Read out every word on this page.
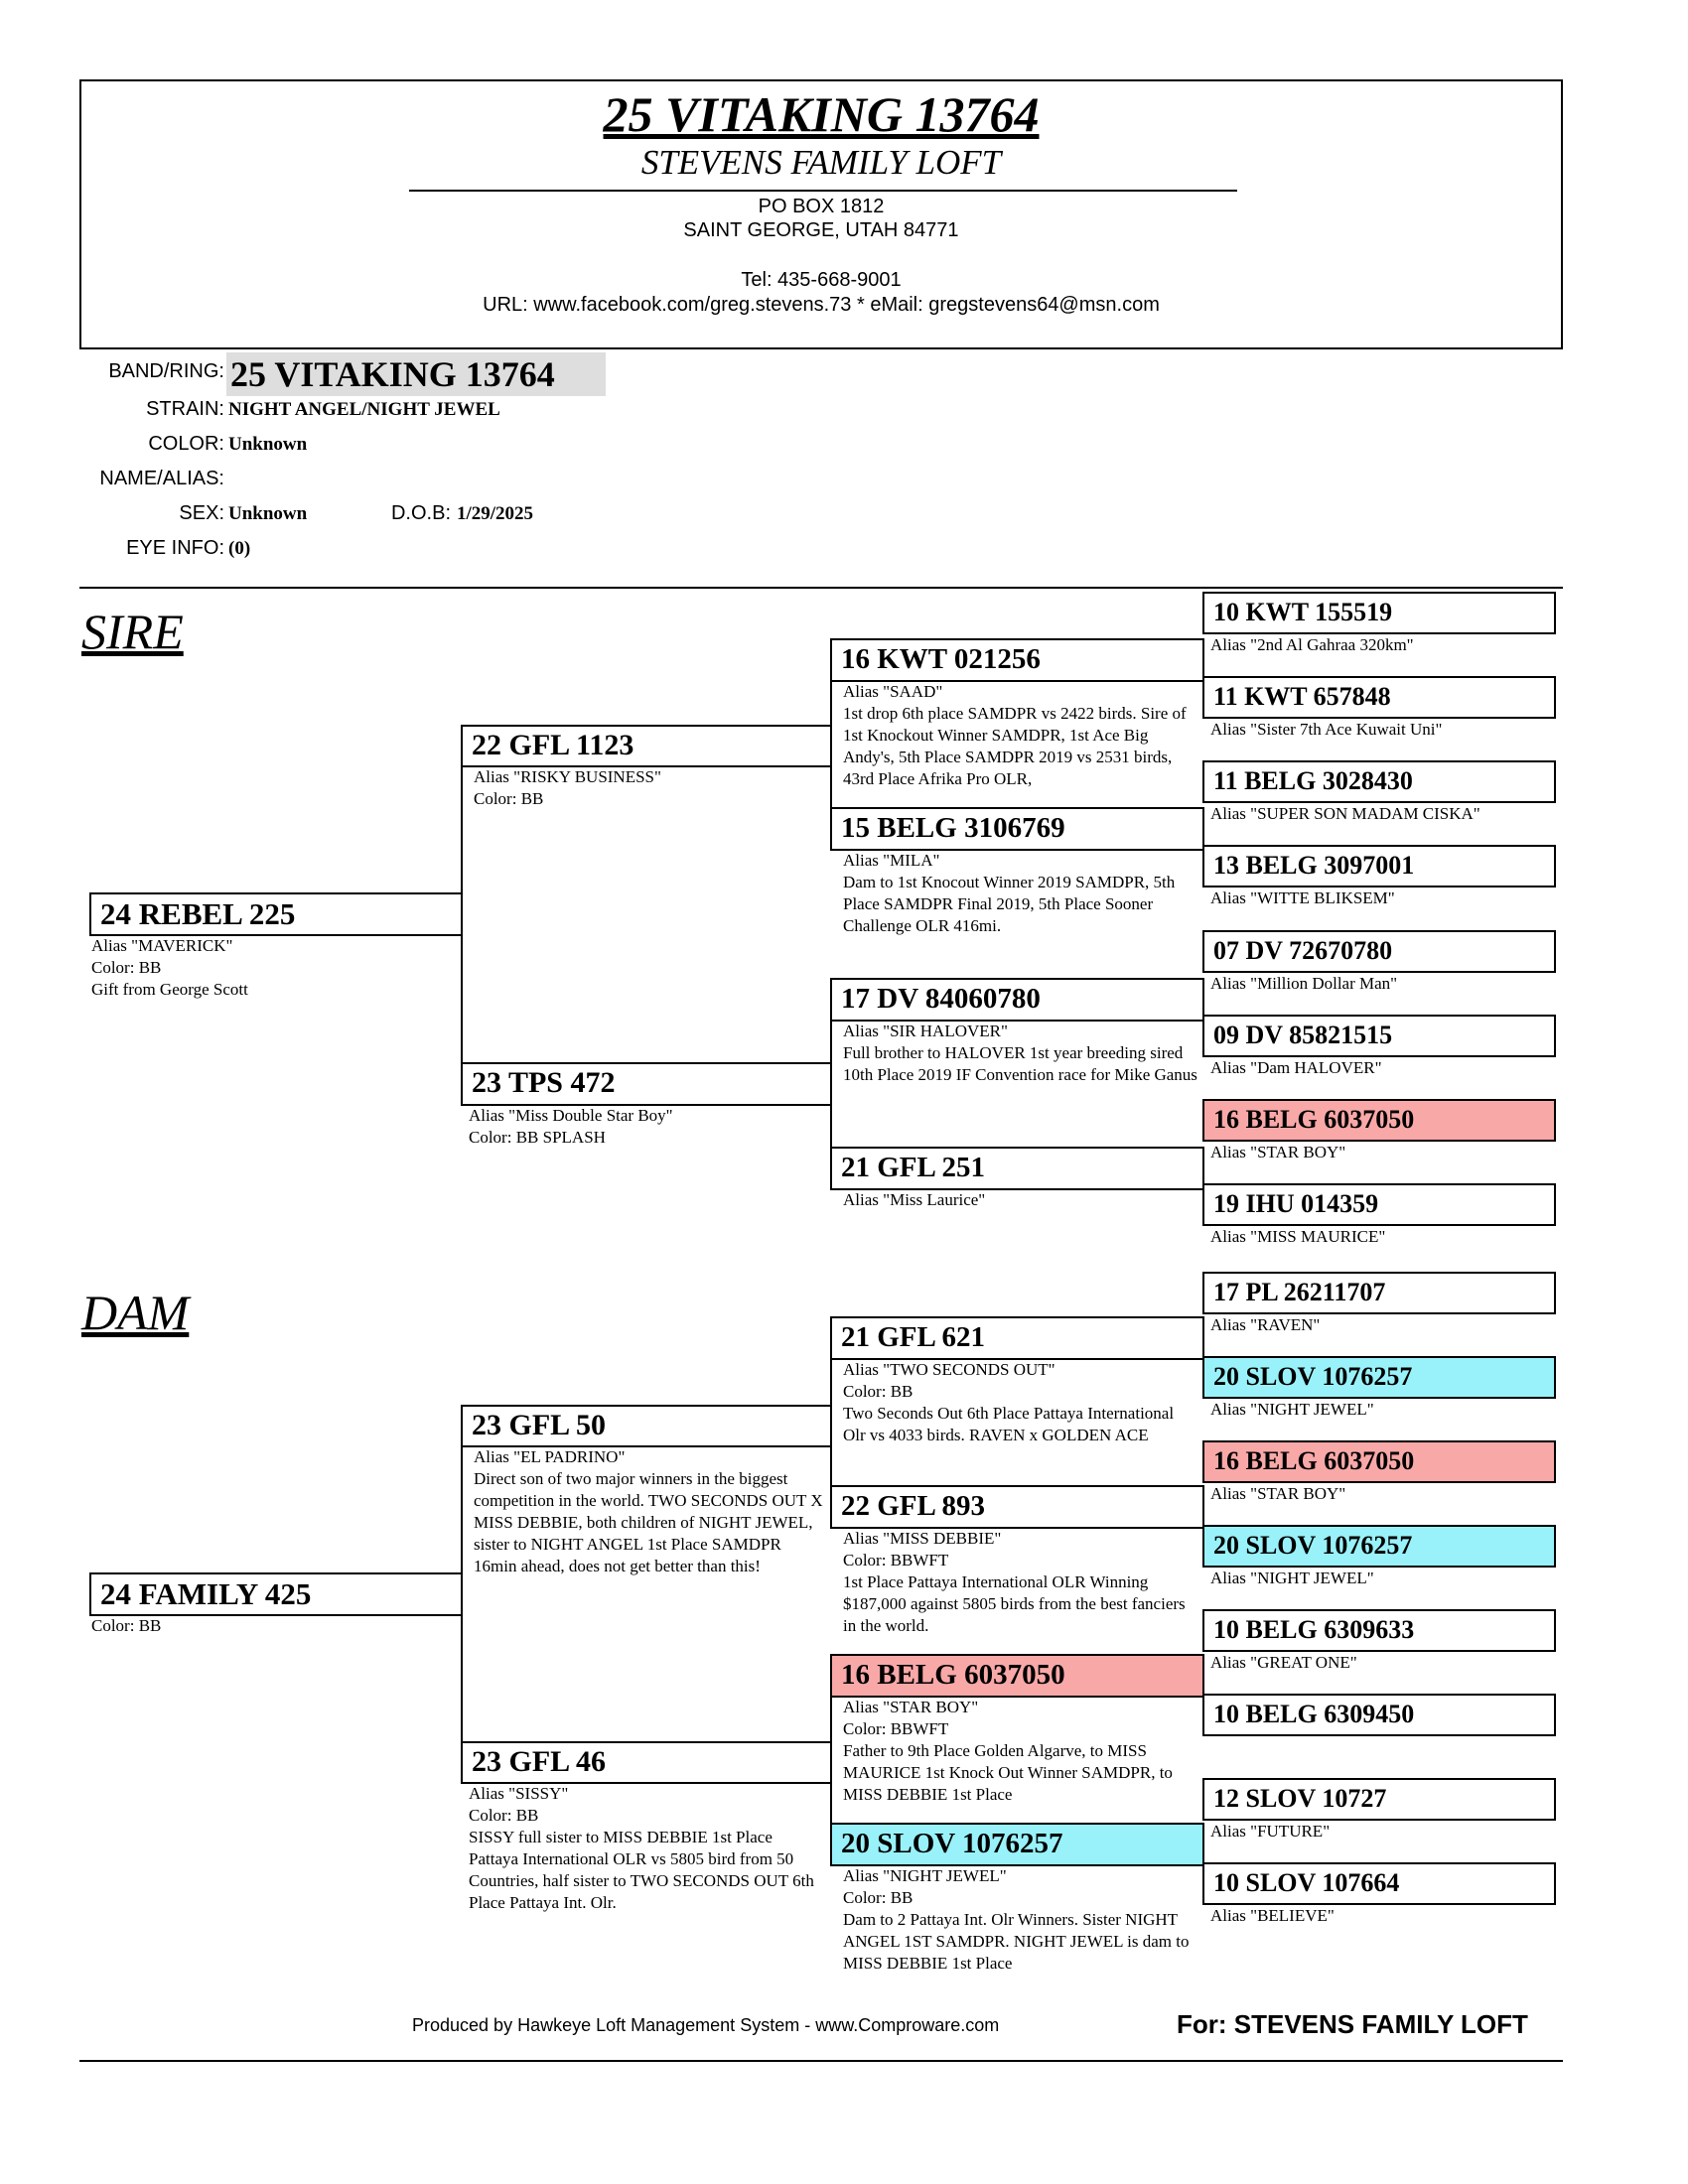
25 VITAKING 13764
STEVENS FAMILY LOFT
PO BOX 1812
SAINT GEORGE, UTAH 84771
Tel: 435-668-9001
URL: www.facebook.com/greg.stevens.73 * eMail: gregstevens64@msn.com
BAND/RING: 25 VITAKING 13764
STRAIN: NIGHT ANGEL/NIGHT JEWEL
COLOR: Unknown
NAME/ALIAS:
SEX: Unknown	D.O.B: 1/29/2025
EYE INFO: (0)
SIRE
DAM
24 REBEL 225
Alias "MAVERICK"
Color: BB
Gift from George Scott
24 FAMILY 425
Color: BB
22 GFL 1123
Alias "RISKY BUSINESS"
Color: BB
23 TPS 472
Alias "Miss Double Star Boy"
Color: BB SPLASH
23 GFL 50
Alias "EL PADRINO"
Direct son of two major winners in the biggest competition in the world. TWO SECONDS OUT X MISS DEBBIE, both children of NIGHT JEWEL, sister to NIGHT ANGEL 1st Place SAMDPR 16min ahead, does not get better than this!
23 GFL 46
Alias "SISSY"
Color: BB
SISSY full sister to MISS DEBBIE 1st Place Pattaya International OLR vs 5805 bird from 50 Countries, half sister to TWO SECONDS OUT 6th Place Pattaya Int. Olr.
16 KWT 021256
Alias "SAAD"
1st drop 6th place SAMDPR vs 2422 birds. Sire of 1st Knockout Winner SAMDPR, 1st Ace Big Andy's, 5th Place SAMDPR 2019 vs 2531 birds, 43rd Place Afrika Pro OLR,
15 BELG 3106769
Alias "MILA"
Dam to 1st Knocout Winner 2019 SAMDPR, 5th Place SAMDPR Final 2019, 5th Place Sooner Challenge OLR 416mi.
17 DV 84060780
Alias "SIR HALOVER"
Full brother to HALOVER 1st year breeding sired 10th Place 2019 IF Convention race for Mike Ganus
21 GFL 251
Alias "Miss Laurice"
21 GFL 621
Alias "TWO SECONDS OUT"
Color: BB
Two Seconds Out 6th Place Pattaya International Olr vs 4033 birds. RAVEN x GOLDEN ACE
22 GFL 893
Alias "MISS DEBBIE"
Color: BBWFT
1st Place Pattaya International OLR Winning $187,000 against 5805 birds from the best fanciers in the world.
16 BELG 6037050
Alias "STAR BOY"
Color: BBWFT
Father to 9th Place Golden Algarve, to MISS MAURICE 1st Knock Out Winner SAMDPR, to MISS DEBBIE 1st Place
20 SLOV 1076257
Alias "NIGHT JEWEL"
Color: BB
Dam to 2 Pattaya Int. Olr Winners. Sister NIGHT ANGEL 1ST SAMDPR. NIGHT JEWEL is dam to MISS DEBBIE 1st Place
10 KWT 155519
Alias "2nd Al Gahraa 320km"
11 KWT 657848
Alias "Sister 7th Ace Kuwait Uni"
11 BELG 3028430
Alias "SUPER SON MADAM CISKA"
13 BELG 3097001
Alias "WITTE BLIKSEM"
07 DV 72670780
Alias "Million Dollar Man"
09 DV 85821515
Alias "Dam HALOVER"
16 BELG 6037050
Alias "STAR BOY"
19 IHU 014359
Alias "MISS MAURICE"
17 PL 26211707
Alias "RAVEN"
20 SLOV 1076257
Alias "NIGHT JEWEL"
16 BELG 6037050
Alias "STAR BOY"
20 SLOV 1076257
Alias "NIGHT JEWEL"
10 BELG 6309633
Alias "GREAT ONE"
10 BELG 6309450
12 SLOV 10727
Alias "FUTURE"
10 SLOV 107664
Alias "BELIEVE"
Produced by Hawkeye Loft Management System - www.Comproware.com	For: STEVENS FAMILY LOFT
